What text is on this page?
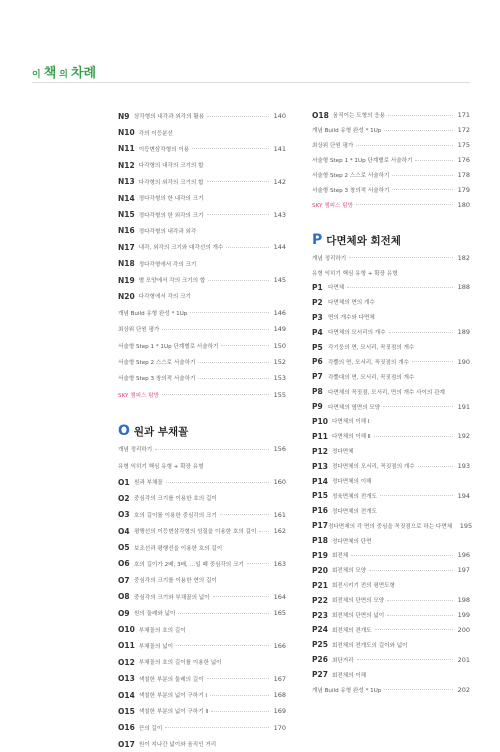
이 책 의 차례
N9 삼각형의 내각과 외각의 활용	140
N10 각의 이등분선
N11 이등변삼각형의 이용	141
N12 다각형의 내각의 크기의 합
N13 다각형의 외각의 크기의 합	142
N14 정다각형의 한 내각의 크기
N15 정다각형의 한 외각의 크기	143
N16 정다각형의 내각과 외각
N17 내각, 외각의 크기와 대각선의 개수	144
N18 정다각형에서 각의 크기
N19 별 모양에서 각의 크기의 합	145
N20 다각형에서 각의 크기
개념 Build 유형 완성 * 1Up	146
최상위 단원 평가	149
서술형 Step 1 * 1Up 단계별로 서술하기	150
서술형 Step 2 스스로 서술하기	152
서술형 Step 3 창의적 서술하기	153
SKY 챔피스 탐방	155
O 원과 부채꼴
개념 정리하기	156
유형 익히기 핵심 유형 + 확장 유형
O1 원과 부채꼴	160
O2 중심각의 크기를 이용한 호의 길이
O3 호의 길이를 이용한 중심각의 크기	161
O4 평행선의 이등변삼각형의 성질을 이용한 호의 길이	162
O5 보조선과 평행선을 이용한 호의 길이
O6 호의 길이가 2배, 3배, …일 때 중심각의 크기	163
O7 중심각의 크기를 이용한 현의 길이
O8 중심각의 크기와 부채꼴의 넓이	164
O9 원의 둘레와 넓이	165
O10 부채꼴의 호의 길이
O11 부채꼴의 넓이	166
O12 부채꼴의 호의 길이를 이용한 넓이
O13 색칠한 부분의 둘레의 길이	167
O14 색칠한 부분의 넓이 구하기 Ⅰ	168
O15 색칠한 부분의 넓이 구하기 Ⅱ	169
O16 끈의 길이	170
O17 원이 지나간 넓이와 움직인 거리
O18 움직이는 도형의 응용	171
개념 Build 유형 완성 * 1Up	172
최상위 단원 평가	175
서술형 Step 1 * 1Up 단계별로 서술하기	176
서술형 Step 2 스스로 서술하기	178
서술형 Step 3 창의적 서술하기	179
SKY 챔피스 탐방	180
P 다면체와 회전체
개념 정리하기	182
유형 익히기 핵심 유형 + 확장 유형
P1 다면체	188
P2 다면체의 면의 개수
P3 면의 개수와 다면체
P4 다면체의 모서리의 개수	189
P5 각기둥의 면, 모서리, 꼭짓점의 개수
P6 각뿔의 면, 모서리, 꼭짓점의 개수	190
P7 각뿔대의 면, 모서리, 꼭짓점의 개수
P8 다면체의 꼭짓점, 모서리, 면의 개수 사이의 관계
P9 다면체의 옆면의 모양	191
P10 다면체의 이해 Ⅰ
P11 다면체의 이해 Ⅱ	192
P12 정다면체
P13 정다면체의 모서리, 꼭짓점의 개수	193
P14 정다면체의 이해
P15 정육면체의 전개도	194
P16 정다면체의 전개도
P17 정다면체의 각 면의 중심을 꼭짓점으로 하는 다면체 195
P18 정다면체의 단면
P19 회전체	196
P20 회전체의 모양	197
P21 회전시키기 전의 평면도형
P22 회전체의 단면의 모양	198
P23 회전체의 단면의 넓이	199
P24 회전체의 전개도	200
P25 회전체의 전개도의 길이와 넓이
P26 최단거리	201
P27 회전체의 이해
개념 Build 유형 완성 * 1Up	202
